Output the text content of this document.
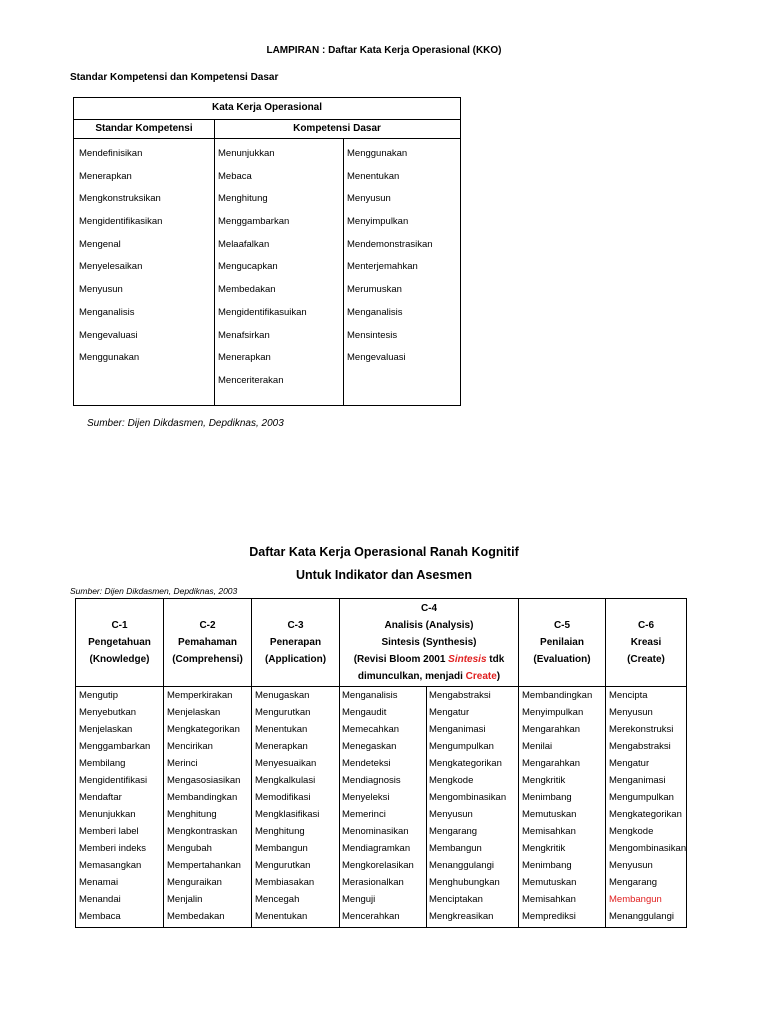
LAMPIRAN : Daftar Kata Kerja Operasional (KKO)
Standar Kompetensi dan Kompetensi Dasar
Kata Kerja Operasional
Standar Kompetensi	Kompetensi Dasar
Mendefinisikan
Menerapkan
Mengkonstruksikan
Mengidentifikasikan
Mengenal
Menyelesaikan
Menyusun
Menganalisis
Mengevaluasi
Menggunakan
Menunjukkan
Mebaca
Menghitung
Menggambarkan
Melaafalkan
Mengucapkan
Membedakan
Mengidentifikasuikan
Menafsirkan
Menerapkan
Menceriterakan
Menggunakan
Menentukan
Menyusun
Menyimpulkan
Mendemonstrasikan
Menterjemahkan
Merumuskan
Menganalisis
Mensintesis
Mengevaluasi
Sumber: Dijen Dikdasmen, Depdiknas, 2003
Daftar Kata Kerja Operasional Ranah Kognitif
Untuk Indikator dan Asesmen
Sumber: Dijen Dikdasmen, Depdiknas, 2003
C-1
Pengetahuan
(Knowledge)
C-2
Pemahaman
(Comprehensi)
C-3
Penerapan
(Application)
C-4
Analisis (Analysis)
Sintesis (Synthesis)
(Revisi Bloom 2001 Sintesis tdk
dimunculkan, menjadi Create)
C-5
Penilaian
(Evaluation)
C-6
Kreasi
(Create)
Mengutip
Menyebutkan
Menjelaskan
Menggambarkan
Membilang
Mengidentifikasi
Mendaftar
Menunjukkan
Memberi label
Memberi indeks
Memasangkan
Menamai
Menandai
Membaca
Memperkirakan
Menjelaskan
Mengkategorikan
Mencirikan
Merinci
Mengasosiasikan
Membandingkan
Menghitung
Mengkontraskan
Mengubah
Mempertahankan
Menguraikan
Menjalin
Membedakan
Menugaskan
Mengurutkan
Menentukan
Menerapkan
Menyesuaikan
Mengkalkulasi
Memodifikasi
Mengklasifikasi
Menghitung
Membangun
Mengurutkan
Membiasakan
Mencegah
Menentukan
Menganalisis
Mengaudit
Memecahkan
Menegaskan
Mendeteksi
Mendiagnosis
Menyeleksi
Memerinci
Menominasikan
Mendiagramkan
Mengkorelasikan
Merasionalkan
Menguji
Mencerahkan
Mengabstraksi
Mengatur
Menganimasi
Mengumpulkan
Mengkategorikan
Mengkode
Mengombinasikan
Menyusun
Mengarang
Membangun
Menanggulangi
Menghubungkan
Menciptakan
Mengkreasikan
Membandingkan
Menyimpulkan
Mengarahkan
Menilai
Mengarahkan
Mengkritik
Menimbang
Memutuskan
Memisahkan
Mengkritik
Menimbang
Memutuskan
Memisahkan
Memprediksi
Mencipta
Menyusun
Merekonstruksi
Mengabstraksi
Mengatur
Menganimasi
Mengumpulkan
Mengkategorikan
Mengkode
Mengombinasikan
Menyusun
Mengarang
Membangun
Menanggulangi
